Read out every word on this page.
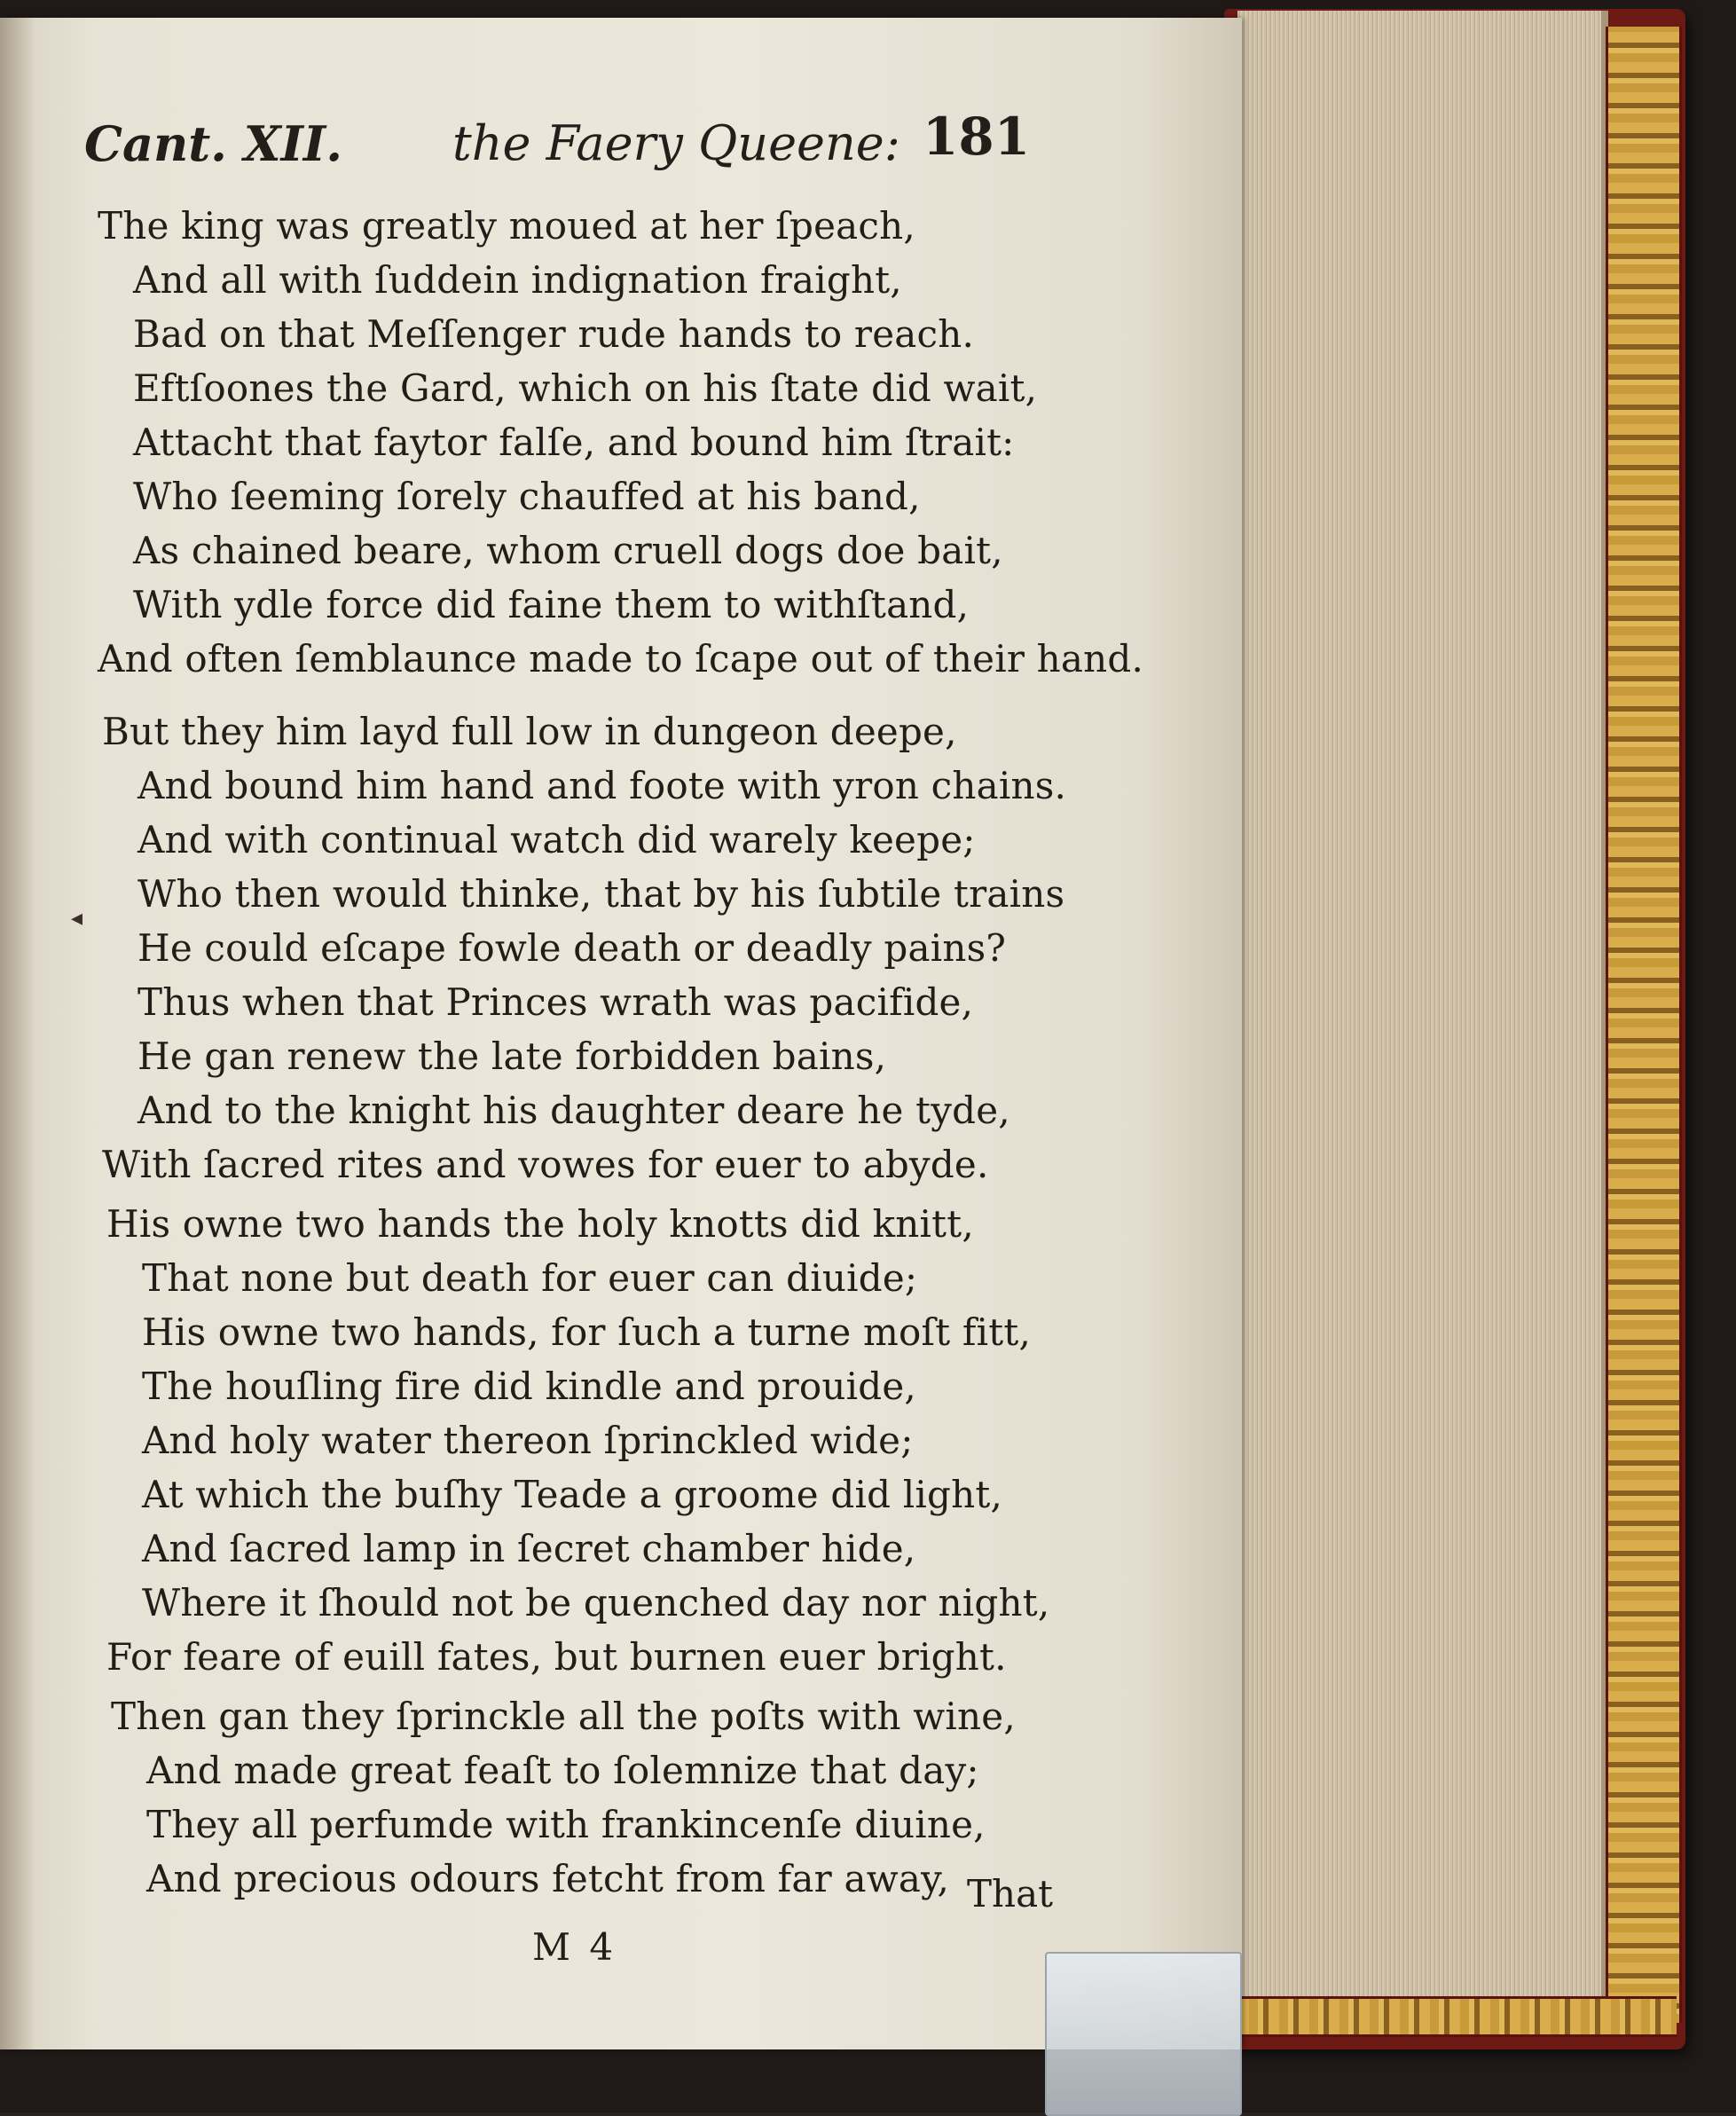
Cant. XII. the Faery Queene: 181
The king was greatly moued at her ſpeach,
And all with ſuddein indignation fraight,
Bad on that Meſſenger rude hands to reach.
Eftſoones the Gard, which on his ſtate did wait,
Attacht that faytor falſe, and bound him ſtrait:
Who ſeeming ſorely chauffed at his band,
As chained beare, whom cruell dogs doe bait,
With ydle force did faine them to withſtand,
And often ſemblaunce made to ſcape out of their hand.
But they him layd full low in dungeon deepe,
And bound him hand and foote with yron chains.
And with continual watch did warely keepe;
Who then would thinke, that by his ſubtile trains
He could eſcape fowle death or deadly pains?
Thus when that Princes wrath was pacifide,
He gan renew the late forbidden bains,
And to the knight his daughter deare he tyde,
With ſacred rites and vowes for euer to abyde.
His owne two hands the holy knotts did knitt,
That none but death for euer can diuide;
His owne two hands, for ſuch a turne moſt fitt,
The houſling fire did kindle and prouide,
And holy water thereon ſprinckled wide;
At which the buſhy Teade a groome did light,
And ſacred lamp in ſecret chamber hide,
Where it ſhould not be quenched day nor night,
For feare of euill fates, but burnen euer bright.
Then gan they ſprinckle all the poſts with wine,
And made great feaſt to ſolemnize that day;
They all perfumde with frankincenſe diuine,
And precious odours fetcht from far away, That
M 4
◂
